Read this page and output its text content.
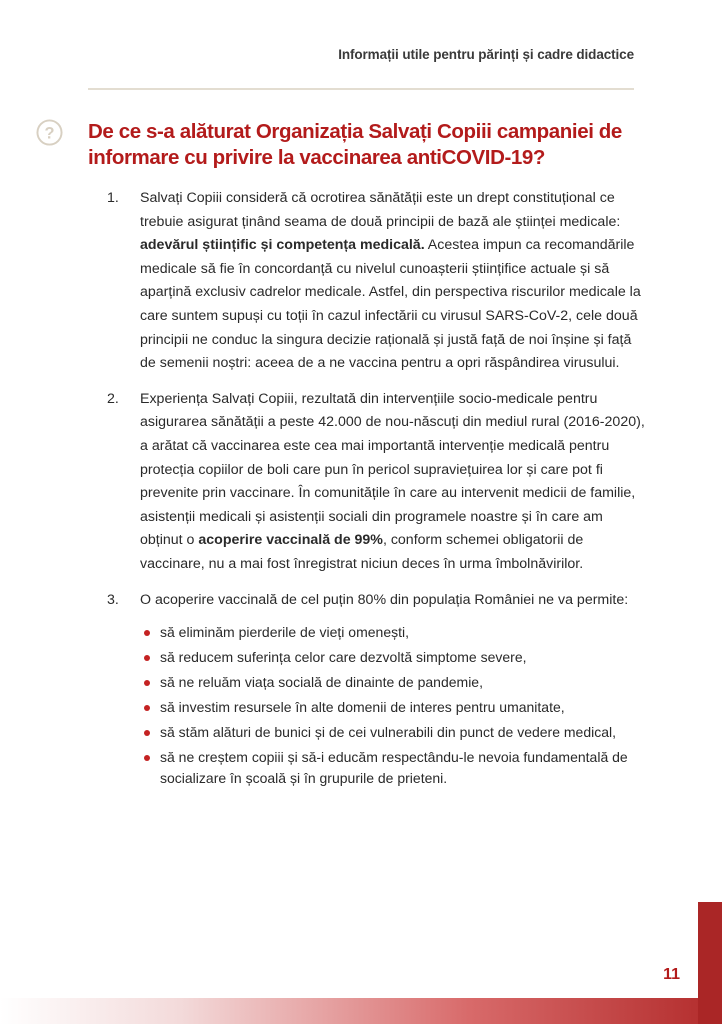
Informații utile pentru părinți și cadre didactice
? De ce s-a alăturat Organizația Salvați Copiii campaniei de informare cu privire la vaccinarea antiCOVID-19?
1. Salvați Copiii consideră că ocrotirea sănătății este un drept constituțional ce trebuie asigurat ținând seama de două principii de bază ale științei medicale: adevărul științific și competența medicală. Acestea impun ca recomandările medicale să fie în concordanță cu nivelul cunoașterii științifice actuale și să aparțină exclusiv cadrelor medicale. Astfel, din perspectiva riscurilor medicale la care suntem supuși cu toții în cazul infectării cu virusul SARS-CoV-2, cele două principii ne conduc la singura decizie rațională și justă față de noi înșine și față de semenii noștri: aceea de a ne vaccina pentru a opri răspândirea virusului.
2. Experiența Salvați Copiii, rezultată din intervențiile socio-medicale pentru asigurarea sănătății a peste 42.000 de nou-născuți din mediul rural (2016-2020), a arătat că vaccinarea este cea mai importantă intervenție medicală pentru protecția copiilor de boli care pun în pericol supraviețuirea lor și care pot fi prevenite prin vaccinare. În comunitățile în care au intervenit medicii de familie, asistenții medicali și asistenții sociali din programele noastre și în care am obținut o acoperire vaccinală de 99%, conform schemei obligatorii de vaccinare, nu a mai fost înregistrat niciun deces în urma îmbolnăvirilor.
3. O acoperire vaccinală de cel puțin 80% din populația României ne va permite:
să eliminăm pierderile de vieți omenești,
să reducem suferința celor care dezvoltă simptome severe,
să ne reluăm viața socială de dinainte de pandemie,
să investim resursele în alte domenii de interes pentru umanitate,
să stăm alături de bunici și de cei vulnerabili din punct de vedere medical,
să ne creștem copiii și să-i educăm respectându-le nevoia fundamentală de socializare în școală și în grupurile de prieteni.
11
